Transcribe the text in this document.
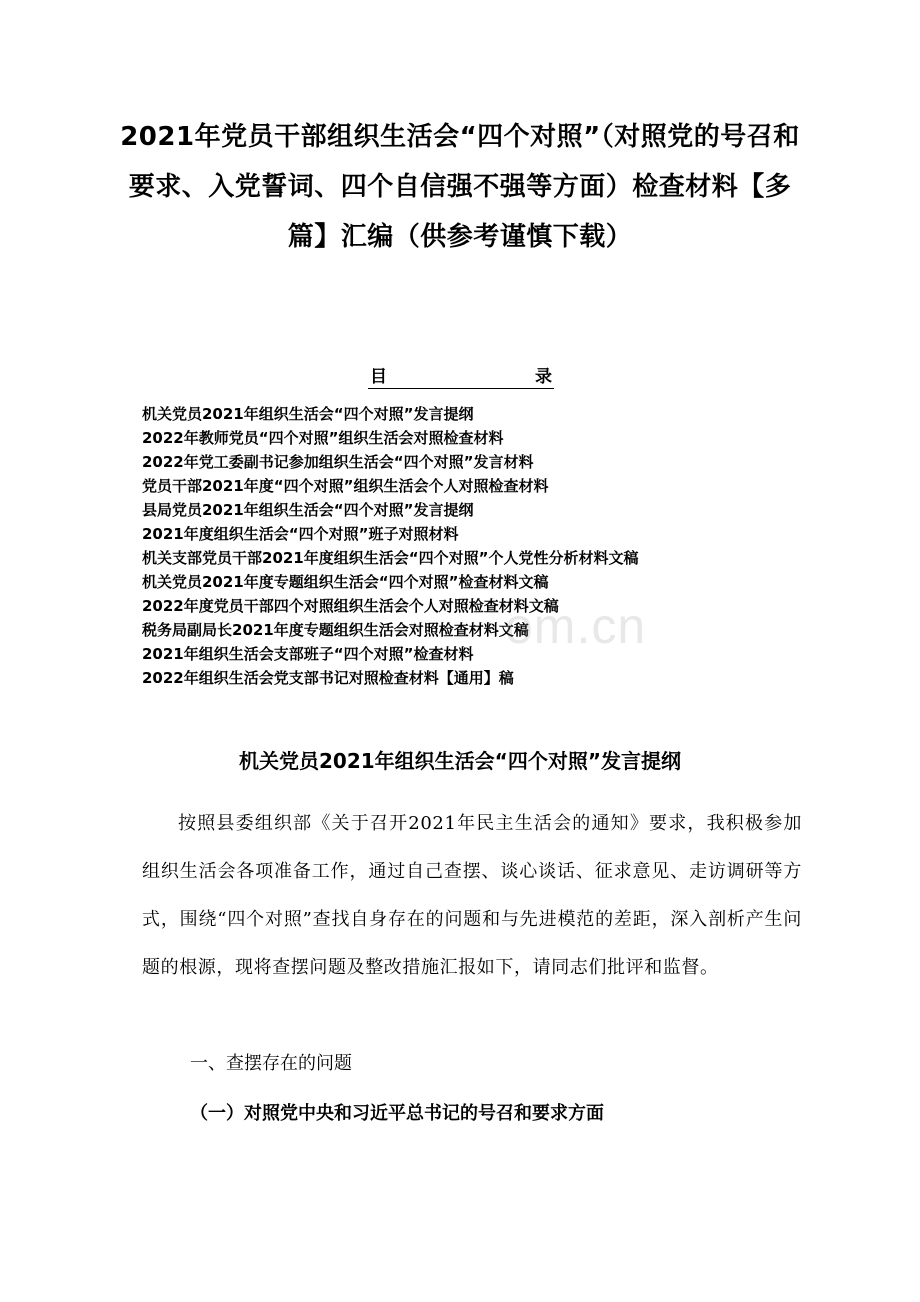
2021年党员干部组织生活会“四个对照”（对照党的号召和要求、入党誓词、四个自信强不强等方面）检查材料【多篇】汇编（供参考谨慎下载）
目	录
机关党员2021年组织生活会“四个对照”发言提纲
2022年教师党员“四个对照”组织生活会对照检查材料
2022年党工委副书记参加组织生活会“四个对照”发言材料
党员干部2021年度“四个对照”组织生活会个人对照检查材料
县局党员2021年组织生活会“四个对照”发言提纲
2021年度组织生活会“四个对照”班子对照材料
机关支部党员干部2021年度组织生活会“四个对照”个人党性分析材料文稿
机关党员2021年度专题组织生活会“四个对照”检查材料文稿
2022年度党员干部四个对照组织生活会个人对照检查材料文稿
税务局副局长2021年度专题组织生活会对照检查材料文稿
2021年组织生活会支部班子“四个对照”检查材料
2022年组织生活会党支部书记对照检查材料【通用】稿
om.cn
机关党员2021年组织生活会“四个对照”发言提纲

按照县委组织部《关于召开2021年民主生活会的通知》要求，我积极参加组织生活会各项准备工作，通过自己查摆、谈心谈话、征求意见、走访调研等方式，围绕“四个对照”查找自身存在的问题和与先进模范的差距，深入剖析产生问题的根源，现将查摆问题及整改措施汇报如下，请同志们批评和监督。

一、查摆存在的问题
（一）对照党中央和习近平总书记的号召和要求方面
